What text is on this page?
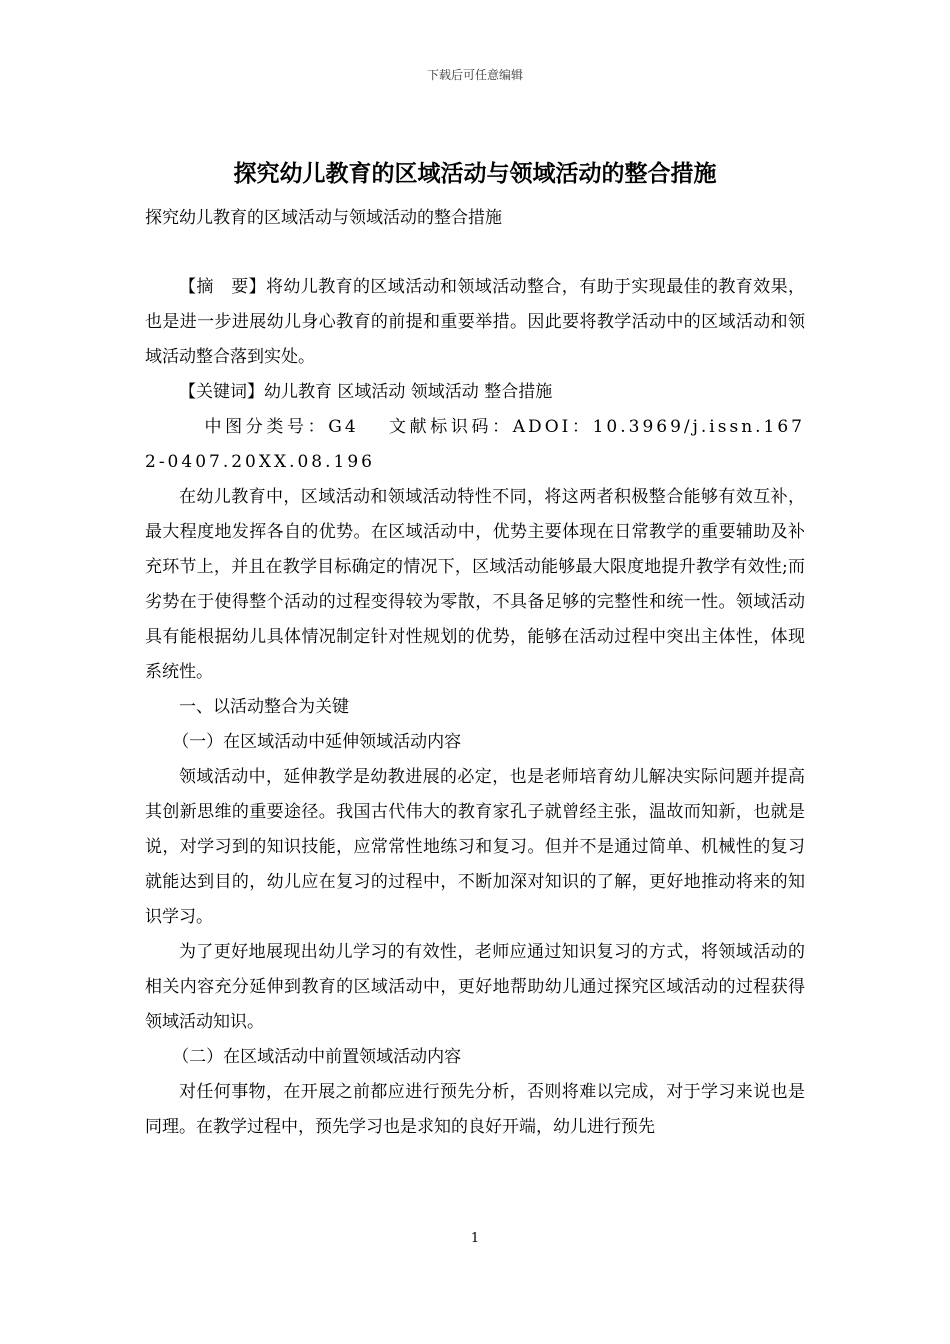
下载后可任意编辑
探究幼儿教育的区域活动与领域活动的整合措施
探究幼儿教育的区域活动与领域活动的整合措施

【摘　要】将幼儿教育的区域活动和领域活动整合，有助于实现最佳的教育效果，也是进一步进展幼儿身心教育的前提和重要举措。因此要将教学活动中的区域活动和领域活动整合落到实处。

【关键词】幼儿教育 区域活动 领域活动 整合措施

中图分类号：G4　 文献标识码：ADOI：10.3969/j.issn.1672-0407.20XX.08.196

在幼儿教育中，区域活动和领域活动特性不同，将这两者积极整合能够有效互补，最大程度地发挥各自的优势。在区域活动中，优势主要体现在日常教学的重要辅助及补充环节上，并且在教学目标确定的情况下，区域活动能够最大限度地提升教学有效性;而劣势在于使得整个活动的过程变得较为零散，不具备足够的完整性和统一性。领域活动具有能根据幼儿具体情况制定针对性规划的优势，能够在活动过程中突出主体性，体现系统性。

一、以活动整合为关键

（一）在区域活动中延伸领域活动内容

领域活动中，延伸教学是幼教进展的必定，也是老师培育幼儿解决实际问题并提高其创新思维的重要途径。我国古代伟大的教育家孔子就曾经主张，温故而知新，也就是说，对学习到的知识技能，应常常性地练习和复习。但并不是通过简单、机械性的复习就能达到目的，幼儿应在复习的过程中，不断加深对知识的了解，更好地推动将来的知识学习。

为了更好地展现出幼儿学习的有效性，老师应通过知识复习的方式，将领域活动的相关内容充分延伸到教育的区域活动中，更好地帮助幼儿通过探究区域活动的过程获得领域活动知识。

（二）在区域活动中前置领域活动内容

对任何事物，在开展之前都应进行预先分析，否则将难以完成，对于学习来说也是同理。在教学过程中，预先学习也是求知的良好开端，幼儿进行预先

1
